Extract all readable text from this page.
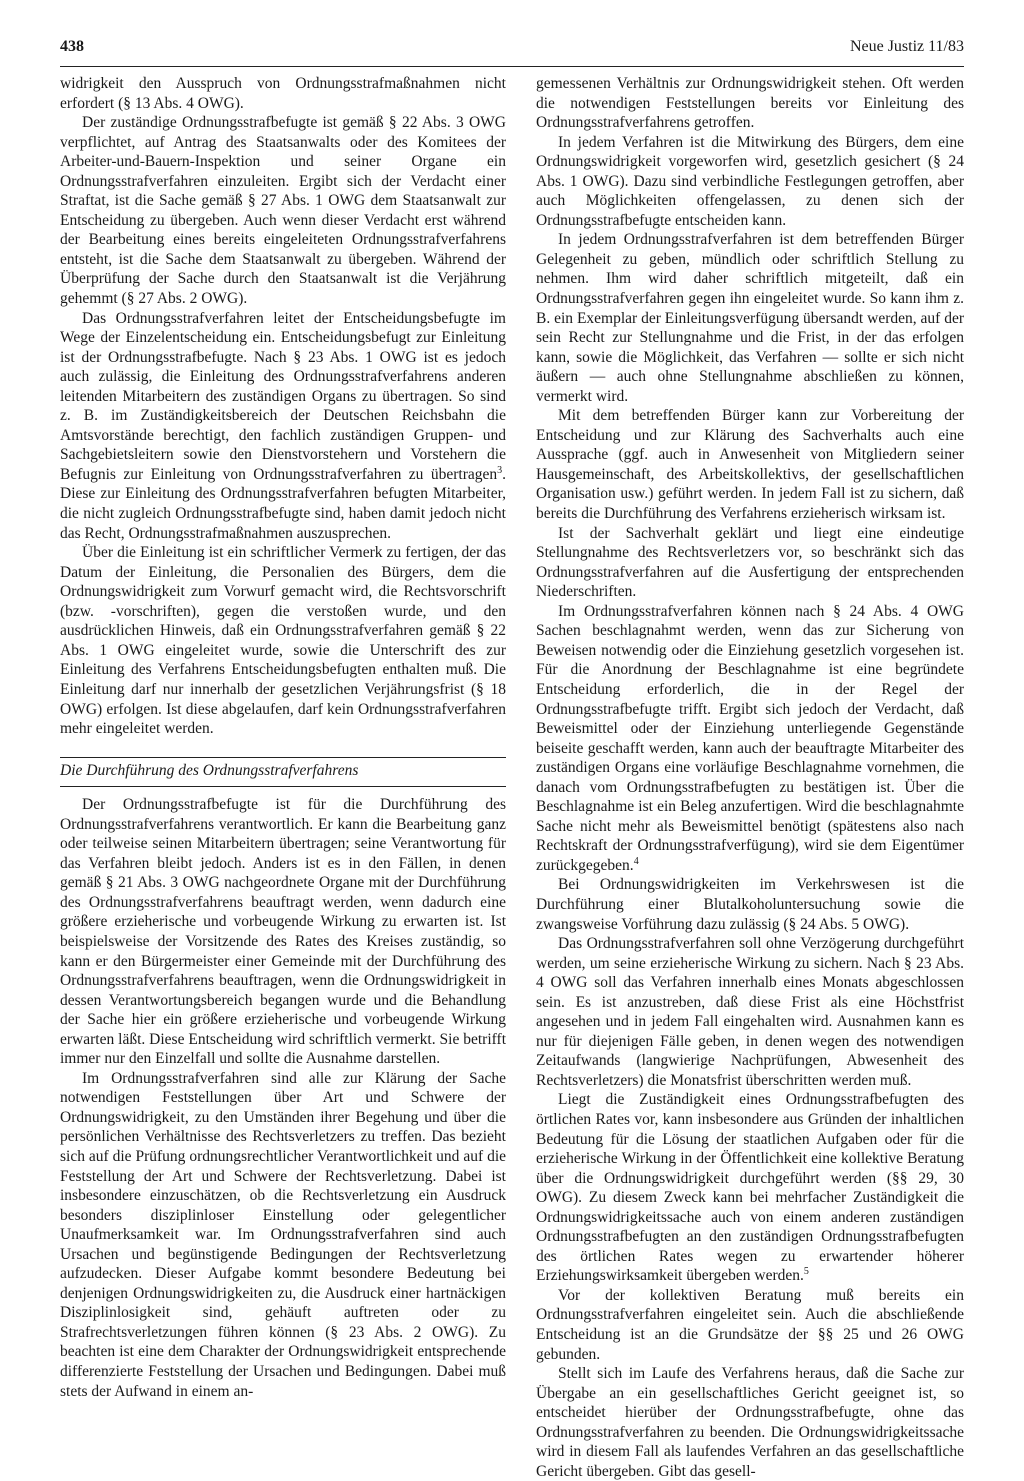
438	Neue Justiz 11/83

widrigkeit den Ausspruch von Ordnungsstrafmaßnahmen nicht erfordert (§ 13 Abs. 4 OWG).

Der zuständige Ordnungsstrafbefugte ist gemäß § 22 Abs. 3 OWG verpflichtet, auf Antrag des Staatsanwalts oder des Komitees der Arbeiter-und-Bauern-Inspektion und seiner Organe ein Ordnungsstrafverfahren einzuleiten. Ergibt sich der Verdacht einer Straftat, ist die Sache gemäß § 27 Abs. 1 OWG dem Staatsanwalt zur Entscheidung zu übergeben. Auch wenn dieser Verdacht erst während der Bearbeitung eines bereits eingeleiteten Ordnungsstrafverfahrens entsteht, ist die Sache dem Staatsanwalt zu übergeben. Während der Überprüfung der Sache durch den Staatsanwalt ist die Verjährung gehemmt (§ 27 Abs. 2 OWG).

Das Ordnungsstrafverfahren leitet der Entscheidungsbefugte im Wege der Einzelentscheidung ein. Entscheidungsbefugt zur Einleitung ist der Ordnungsstrafbefugte. Nach § 23 Abs. 1 OWG ist es jedoch auch zulässig, die Einleitung des Ordnungsstrafverfahrens anderen leitenden Mitarbeitern des zuständigen Organs zu übertragen. So sind z. B. im Zuständigkeitsbereich der Deutschen Reichsbahn die Amtsvorstände berechtigt, den fachlich zuständigen Gruppen- und Sachgebietsleitern sowie den Dienstvorstehern und Vorstehern die Befugnis zur Einleitung von Ordnungsstrafverfahren zu übertragen$^3$. Diese zur Einleitung des Ordnungsstrafverfahren befugten Mitarbeiter, die nicht zugleich Ordnungsstrafbefugte sind, haben damit jedoch nicht das Recht, Ordnungsstrafmaßnahmen auszusprechen.

Über die Einleitung ist ein schriftlicher Vermerk zu fertigen, der das Datum der Einleitung, die Personalien des Bürgers, dem die Ordnungswidrigkeit zum Vorwurf gemacht wird, die Rechtsvorschrift (bzw. -vorschriften), gegen die verstoßen wurde, und den ausdrücklichen Hinweis, daß ein Ordnungsstrafverfahren gemäß § 22 Abs. 1 OWG eingeleitet wurde, sowie die Unterschrift des zur Einleitung des Verfahrens Entscheidungsbefugten enthalten muß. Die Einleitung darf nur innerhalb der gesetzlichen Verjährungsfrist (§ 18 OWG) erfolgen. Ist diese abgelaufen, darf kein Ordnungsstrafverfahren mehr eingeleitet werden.

Die Durchführung des Ordnungsstrafverfahrens

Der Ordnungsstrafbefugte ist für die Durchführung des Ordnungsstrafverfahrens verantwortlich. Er kann die Bearbeitung ganz oder teilweise seinen Mitarbeitern übertragen; seine Verantwortung für das Verfahren bleibt jedoch. Anders ist es in den Fällen, in denen gemäß § 21 Abs. 3 OWG nachgeordnete Organe mit der Durchführung des Ordnungsstrafverfahrens beauftragt werden, wenn dadurch eine größere erzieherische und vorbeugende Wirkung zu erwarten ist. Ist beispielsweise der Vorsitzende des Rates des Kreises zuständig, so kann er den Bürgermeister einer Gemeinde mit der Durchführung des Ordnungsstrafverfahrens beauftragen, wenn die Ordnungswidrigkeit in dessen Verantwortungsbereich begangen wurde und die Behandlung der Sache hier ein größere erzieherische und vorbeugende Wirkung erwarten läßt. Diese Entscheidung wird schriftlich vermerkt. Sie betrifft immer nur den Einzelfall und sollte die Ausnahme darstellen.

Im Ordnungsstrafverfahren sind alle zur Klärung der Sache notwendigen Feststellungen über Art und Schwere der Ordnungswidrigkeit, zu den Umständen ihrer Begehung und über die persönlichen Verhältnisse des Rechtsverletzers zu treffen. Das bezieht sich auf die Prüfung ordnungsrechtlicher Verantwortlichkeit und auf die Feststellung der Art und Schwere der Rechtsverletzung. Dabei ist insbesondere einzuschätzen, ob die Rechtsverletzung ein Ausdruck besonders disziplinloser Einstellung oder gelegentlicher Unaufmerksamkeit war. Im Ordnungsstrafverfahren sind auch Ursachen und begünstigende Bedingungen der Rechtsverletzung aufzudecken. Dieser Aufgabe kommt besondere Bedeutung bei denjenigen Ordnungswidrigkeiten zu, die Ausdruck einer hartnäckigen Disziplinlosigkeit sind, gehäuft auftreten oder zu Strafrechtsverletzungen führen können (§ 23 Abs. 2 OWG). Zu beachten ist eine dem Charakter der Ordnungswidrigkeit entsprechende differenzierte Feststellung der Ursachen und Bedingungen. Dabei muß stets der Aufwand in einem an-

gemessenen Verhältnis zur Ordnungswidrigkeit stehen. Oft werden die notwendigen Feststellungen bereits vor Einleitung des Ordnungsstrafverfahrens getroffen.

In jedem Verfahren ist die Mitwirkung des Bürgers, dem eine Ordnungswidrigkeit vorgeworfen wird, gesetzlich gesichert (§ 24 Abs. 1 OWG). Dazu sind verbindliche Festlegungen getroffen, aber auch Möglichkeiten offengelassen, zu denen sich der Ordnungsstrafbefugte entscheiden kann.

In jedem Ordnungsstrafverfahren ist dem betreffenden Bürger Gelegenheit zu geben, mündlich oder schriftlich Stellung zu nehmen. Ihm wird daher schriftlich mitgeteilt, daß ein Ordnungsstrafverfahren gegen ihn eingeleitet wurde. So kann ihm z. B. ein Exemplar der Einleitungsverfügung übersandt werden, auf der sein Recht zur Stellungnahme und die Frist, in der das erfolgen kann, sowie die Möglichkeit, das Verfahren — sollte er sich nicht äußern — auch ohne Stellungnahme abschließen zu können, vermerkt wird.

Mit dem betreffenden Bürger kann zur Vorbereitung der Entscheidung und zur Klärung des Sachverhalts auch eine Aussprache (ggf. auch in Anwesenheit von Mitgliedern seiner Hausgemeinschaft, des Arbeitskollektivs, der gesellschaftlichen Organisation usw.) geführt werden. In jedem Fall ist zu sichern, daß bereits die Durchführung des Verfahrens erzieherisch wirksam ist.

Ist der Sachverhalt geklärt und liegt eine eindeutige Stellungnahme des Rechtsverletzers vor, so beschränkt sich das Ordnungsstrafverfahren auf die Ausfertigung der entsprechenden Niederschriften.

Im Ordnungsstrafverfahren können nach § 24 Abs. 4 OWG Sachen beschlagnahmt werden, wenn das zur Sicherung von Beweisen notwendig oder die Einziehung gesetzlich vorgesehen ist. Für die Anordnung der Beschlagnahme ist eine begründete Entscheidung erforderlich, die in der Regel der Ordnungsstrafbefugte trifft. Ergibt sich jedoch der Verdacht, daß Beweismittel oder der Einziehung unterliegende Gegenstände beiseite geschafft werden, kann auch der beauftragte Mitarbeiter des zuständigen Organs eine vorläufige Beschlagnahme vornehmen, die danach vom Ordnungsstrafbefugten zu bestätigen ist. Über die Beschlagnahme ist ein Beleg anzufertigen. Wird die beschlagnahmte Sache nicht mehr als Beweismittel benötigt (spätestens also nach Rechtskraft der Ordnungsstrafverfügung), wird sie dem Eigentümer zurückgegeben.$^4$

Bei Ordnungswidrigkeiten im Verkehrswesen ist die Durchführung einer Blutalkoholuntersuchung sowie die zwangsweise Vorführung dazu zulässig (§ 24 Abs. 5 OWG).

Das Ordnungsstrafverfahren soll ohne Verzögerung durchgeführt werden, um seine erzieherische Wirkung zu sichern. Nach § 23 Abs. 4 OWG soll das Verfahren innerhalb eines Monats abgeschlossen sein. Es ist anzustreben, daß diese Frist als eine Höchstfrist angesehen und in jedem Fall eingehalten wird. Ausnahmen kann es nur für diejenigen Fälle geben, in denen wegen des notwendigen Zeitaufwands (langwierige Nachprüfungen, Abwesenheit des Rechtsverletzers) die Monatsfrist überschritten werden muß.

Liegt die Zuständigkeit eines Ordnungsstrafbefugten des örtlichen Rates vor, kann insbesondere aus Gründen der inhaltlichen Bedeutung für die Lösung der staatlichen Aufgaben oder für die erzieherische Wirkung in der Öffentlichkeit eine kollektive Beratung über die Ordnungswidrigkeit durchgeführt werden (§§ 29, 30 OWG). Zu diesem Zweck kann bei mehrfacher Zuständigkeit die Ordnungswidrigkeitssache auch von einem anderen zuständigen Ordnungsstrafbefugten an den zuständigen Ordnungsstrafbefugten des örtlichen Rates wegen zu erwartender höherer Erziehungswirksamkeit übergeben werden.$^5$

Vor der kollektiven Beratung muß bereits ein Ordnungsstrafverfahren eingeleitet sein. Auch die abschließende Entscheidung ist an die Grundsätze der §§ 25 und 26 OWG gebunden.

Stellt sich im Laufe des Verfahrens heraus, daß die Sache zur Übergabe an ein gesellschaftliches Gericht geeignet ist, so entscheidet hierüber der Ordnungsstrafbefugte, ohne das Ordnungsstrafverfahren zu beenden. Die Ordnungswidrigkeitssache wird in diesem Fall als laufendes Verfahren an das gesellschaftliche Gericht übergeben. Gibt das gesell-
